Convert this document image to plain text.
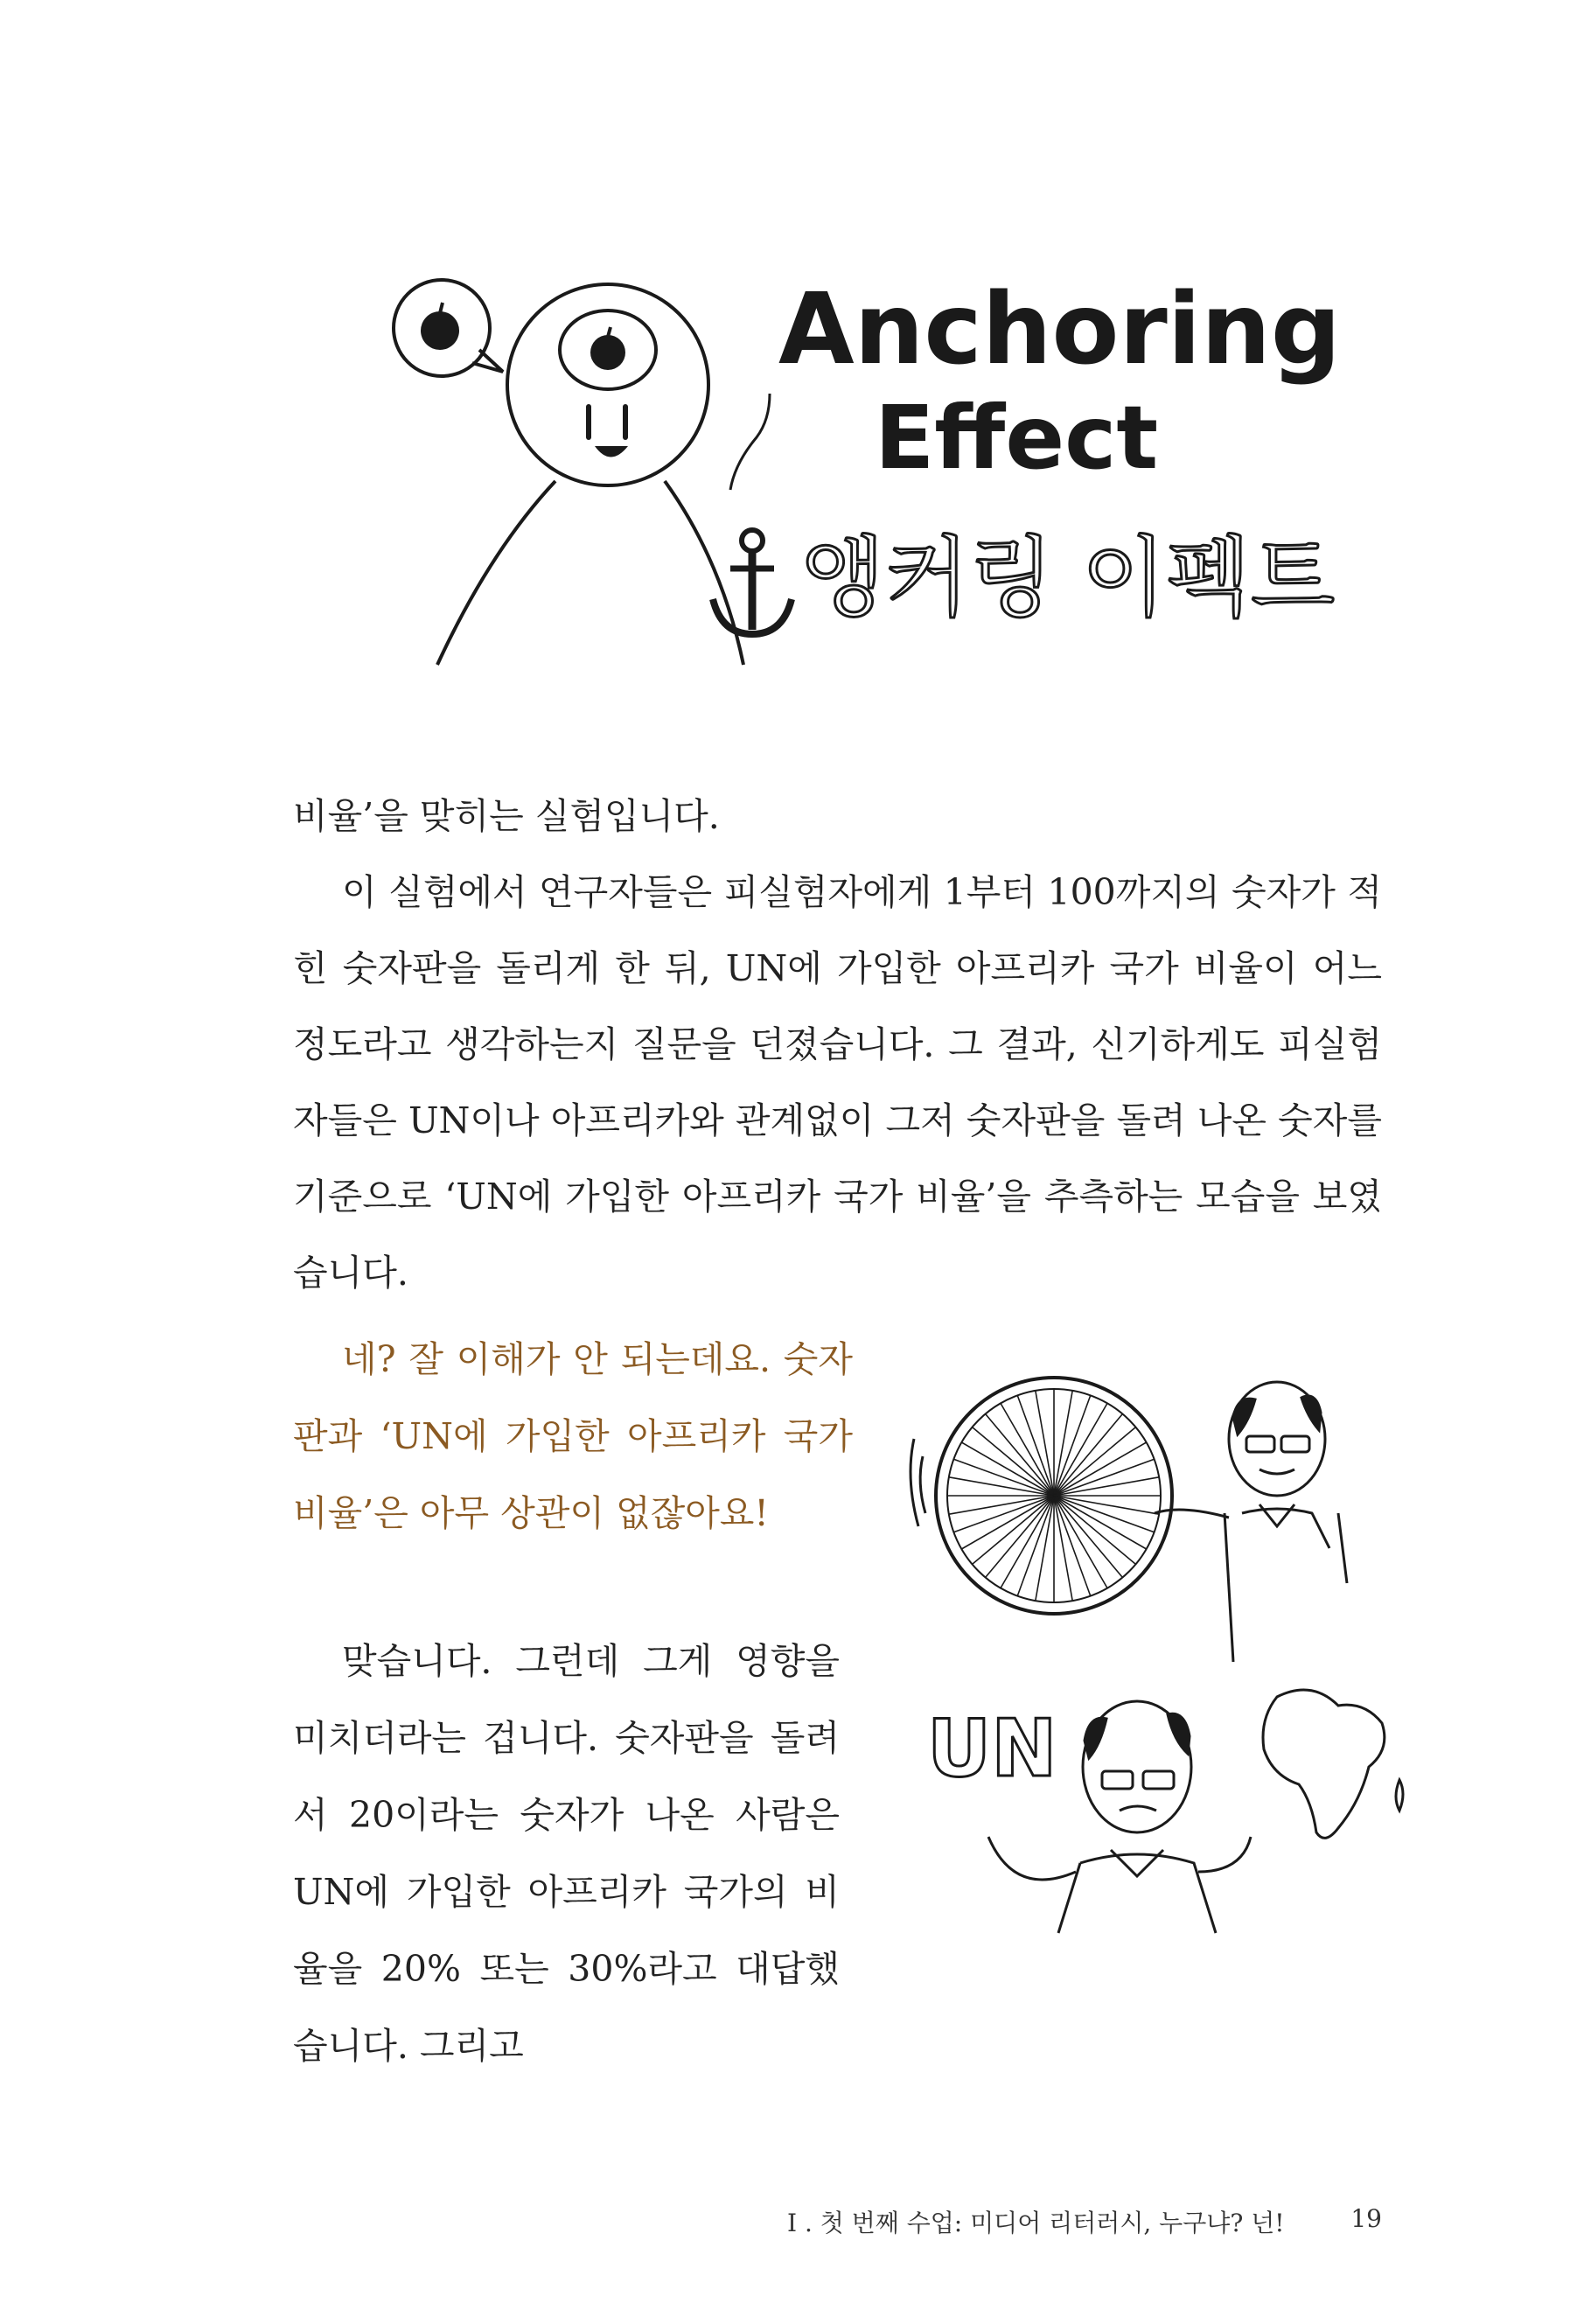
Anchoring
Effect
앵커링 이펙트

비율’을 맞히는 실험입니다.

이 실험에서 연구자들은 피실험자에게 1부터 100까지의 숫자가 적힌 숫자판을 돌리게 한 뒤, UN에 가입한 아프리카 국가 비율이 어느 정도라고 생각하는지 질문을 던졌습니다. 그 결과, 신기하게도 피실험자들은 UN이나 아프리카와 관계없이 그저 숫자판을 돌려 나온 숫자를 기준으로 ‘UN에 가입한 아프리카 국가 비율’을 추측하는 모습을 보였습니다.

네? 잘 이해가 안 되는데요. 숫자판과 ‘UN에 가입한 아프리카 국가 비율’은 아무 상관이 없잖아요!

맞습니다. 그런데 그게 영향을 미치더라는 겁니다. 숫자판을 돌려서 20이라는 숫자가 나온 사람은 UN에 가입한 아프리카 국가의 비율을 20% 또는 30%라고 대답했습니다. 그리고

UN
I . 첫 번째 수업: 미디어 리터러시, 누구냐? 넌!	19
